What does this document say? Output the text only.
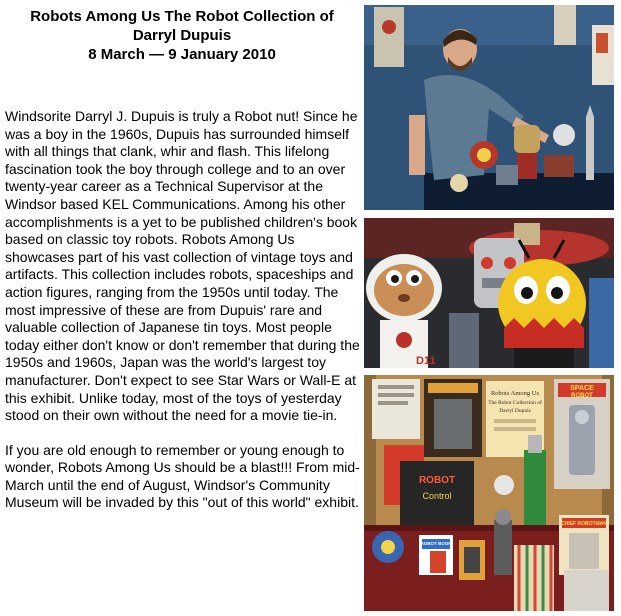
Robots Among Us The Robot Collection of
Darryl Dupuis
8 March — 9 January 2010

Windsorite Darryl J. Dupuis is truly a Robot nut! Since he was a boy in the 1960s, Dupuis has surrounded himself with all things that clank, whir and flash. This lifelong fascination took the boy through college and to an over twenty-year career as a Technical Supervisor at the Windsor based KEL Communications. Among his other accomplishments is a yet to be published children's book based on classic toy robots. Robots Among Us showcases part of his vast collection of vintage toys and artifacts. This collection includes robots, spaceships and action figures, ranging from the 1950s until today. The most impressive of these are from Dupuis' rare and valuable collection of Japanese tin toys. Most people today either don't know or don't remember that during the 1950s and 1960s, Japan was the world's largest toy manufacturer. Don't expect to see Star Wars or Wall-E at this exhibit. Unlike today, most of the toys of yesterday stood on their own without the need for a movie tie-in.

If you are old enough to remember or young enough to wonder, Robots Among Us should be a blast!!! From mid-March until the end of August, Windsor's Community Museum will be invaded by this "out of this world" exhibit.

D11
Robots Among Us
The Robot Collection of
Darryl Dupuis
SPACE
ROBOT
ROBOT
Control
ROBOT BOOK
CHIEF ROBOTMAN
